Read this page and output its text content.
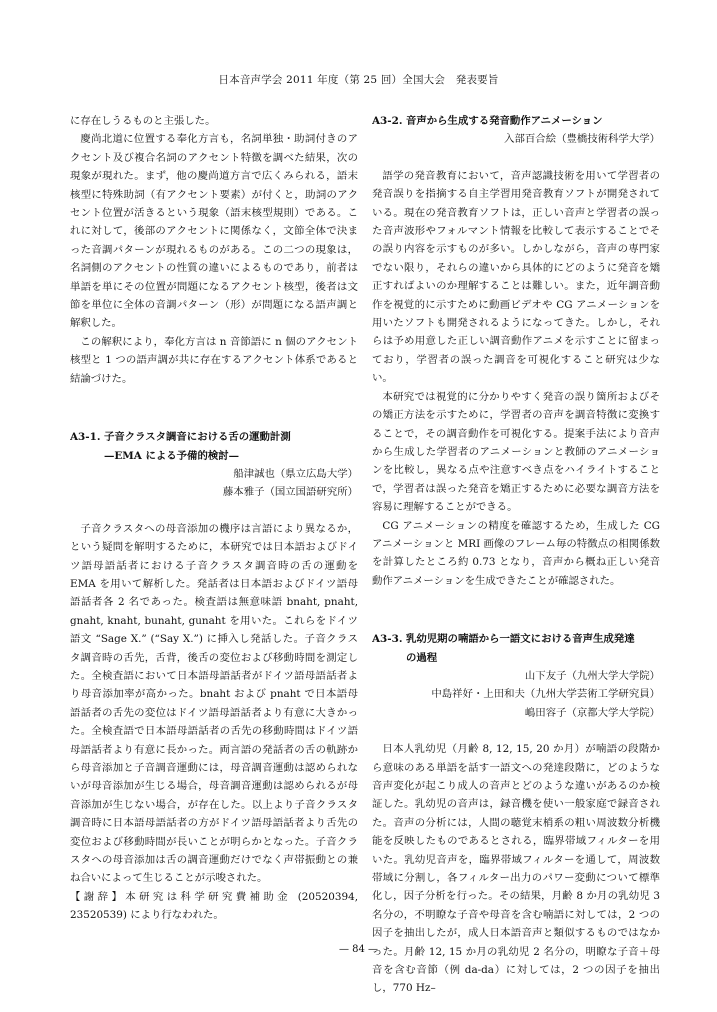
日本音声学会 2011 年度（第 25 回）全国大会　発表要旨

に存在しうるものと主張した。

慶尚北道に位置する奉化方言も，名詞単独・助詞付きのアクセント及び複合名詞のアクセント特徴を調べた結果，次の現象が現れた。まず，他の慶尚道方言で広くみられる，語末核型に特殊助詞（有アクセント要素）が付くと，助詞のアクセント位置が活きるという現象（語末核型規則）である。これに対して，後部のアクセントに関係なく，文節全体で決まった音調パターンが現れるものがある。この二つの現象は，名詞側のアクセントの性質の違いによるものであり，前者は単語を単にその位置が問題になるアクセント核型，後者は文節を単位に全体の音調パターン（形）が問題になる語声調と解釈した。

この解釈により，奉化方言は n 音節語に n 個のアクセント核型と 1 つの語声調が共に存在するアクセント体系であると結論づけた。

A3-1. 子音クラスタ調音における舌の運動計測

—EMA による予備的検討—

船津誠也（県立広島大学）

藤本雅子（国立国語研究所）

子音クラスタへの母音添加の機序は言語により異なるか，という疑問を解明するために，本研究では日本語およびドイツ語母語話者における子音クラスタ調音時の舌の運動を EMA を用いて解析した。発話者は日本語およびドイツ語母語話者各 2 名であった。検査語は無意味語 bnaht, pnaht, gnaht, knaht, bunaht, gunaht を用いた。これらをドイツ語文 “Sage X.” (“Say X.”) に挿入し発話した。子音クラスタ調音時の舌先，舌背，後舌の変位および移動時間を測定した。全検査語において日本語母語話者がドイツ語母語話者より母音添加率が高かった。bnaht および pnaht で日本語母語話者の舌先の変位はドイツ語母語話者より有意に大きかった。全検査語で日本語母語話者の舌先の移動時間はドイツ語母語話者より有意に長かった。両言語の発話者の舌の軌跡から母音添加と子音調音運動には，母音調音運動は認められないが母音添加が生じる場合，母音調音運動は認められるが母音添加が生じない場合，が存在した。以上より子音クラスタ調音時に日本語母語話者の方がドイツ語母語話者より舌先の変位および移動時間が長いことが明らかとなった。子音クラスタへの母音添加は舌の調音運動だけでなく声帯振動との兼ね合いによって生じることが示唆された。

【謝辞】本研究は科学研究費補助金 (20520394, 23520539) により行なわれた。

A3-2. 音声から生成する発音動作アニメーション

入部百合絵（豊橋技術科学大学）

語学の発音教育において，音声認識技術を用いて学習者の発音誤りを指摘する自主学習用発音教育ソフトが開発されている。現在の発音教育ソフトは，正しい音声と学習者の誤った音声波形やフォルマント情報を比較して表示することでその誤り内容を示すものが多い。しかしながら，音声の専門家でない限り，それらの違いから具体的にどのように発音を矯正すればよいのか理解することは難しい。また，近年調音動作を視覚的に示すために動画ビデオや CG アニメーションを用いたソフトも開発されるようになってきた。しかし，それらは予め用意した正しい調音動作アニメを示すことに留まっており，学習者の誤った調音を可視化すること研究は少ない。

本研究では視覚的に分かりやすく発音の誤り箇所およびその矯正方法を示すために，学習者の音声を調音特徴に変換することで，その調音動作を可視化する。提案手法により音声から生成した学習者のアニメーションと教師のアニメーションを比較し，異なる点や注意すべき点をハイライトすることで，学習者は誤った発音を矯正するために必要な調音方法を容易に理解することができる。

CG アニメーションの精度を確認するため，生成した CG アニメーションと MRI 画像のフレーム毎の特徴点の相関係数を計算したところ約 0.73 となり，音声から概ね正しい発音動作アニメーションを生成できたことが確認された。

A3-3. 乳幼児期の喃語から一語文における音声生成発達

の過程

山下友子（九州大学大学院）

中島祥好・上田和夫（九州大学芸術工学研究員）

嶋田容子（京都大学大学院）

日本人乳幼児（月齢 8, 12, 15, 20 か月）が喃語の段階から意味のある単語を話す一語文への発達段階に，どのような音声変化が起こり成人の音声とどのような違いがあるのか検証した。乳幼児の音声は，録音機を使い一般家庭で録音された。音声の分析には，人間の聴覚末梢系の粗い周波数分析機能を反映したものであるとされる，臨界帯域フィルターを用いた。乳幼児音声を，臨界帯域フィルターを通して，周波数帯域に分割し，各フィルター出力のパワー変動について標準化し，因子分析を行った。その結果，月齢 8 か月の乳幼児 3 名分の，不明瞭な子音や母音を含む喃語に対しては，2 つの因子を抽出したが，成人日本語音声と類似するものではなかった。月齢 12, 15 か月の乳幼児 2 名分の，明瞭な子音＋母音を含む音節（例 da-da）に対しては，2 つの因子を抽出し，770 Hz–

— 84 —
